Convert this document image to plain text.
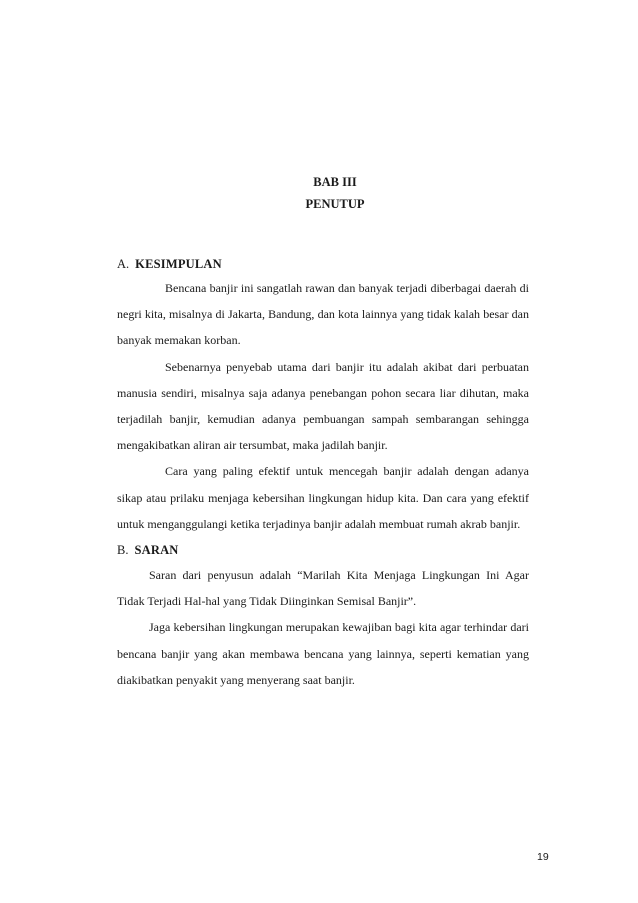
BAB III
PENUTUP
A. KESIMPULAN

Bencana banjir ini sangatlah rawan dan banyak terjadi diberbagai daerah di negri kita, misalnya di Jakarta, Bandung, dan kota lainnya yang tidak kalah besar dan banyak memakan korban.

Sebenarnya penyebab utama dari banjir itu adalah akibat dari perbuatan manusia sendiri, misalnya saja adanya penebangan pohon secara liar dihutan, maka terjadilah banjir, kemudian adanya pembuangan sampah sembarangan sehingga mengakibatkan aliran air tersumbat, maka jadilah banjir.

Cara yang paling efektif untuk mencegah banjir adalah dengan adanya sikap atau prilaku menjaga kebersihan lingkungan hidup kita. Dan cara yang efektif untuk menganggulangi ketika terjadinya banjir adalah membuat rumah akrab banjir.

B. SARAN

Saran dari penyusun adalah “Marilah Kita Menjaga Lingkungan Ini Agar Tidak Terjadi Hal-hal yang Tidak Diinginkan Semisal Banjir”.

Jaga kebersihan lingkungan merupakan kewajiban bagi kita agar terhindar dari bencana banjir yang akan membawa bencana yang lainnya, seperti kematian yang diakibatkan penyakit yang menyerang saat banjir.

19
